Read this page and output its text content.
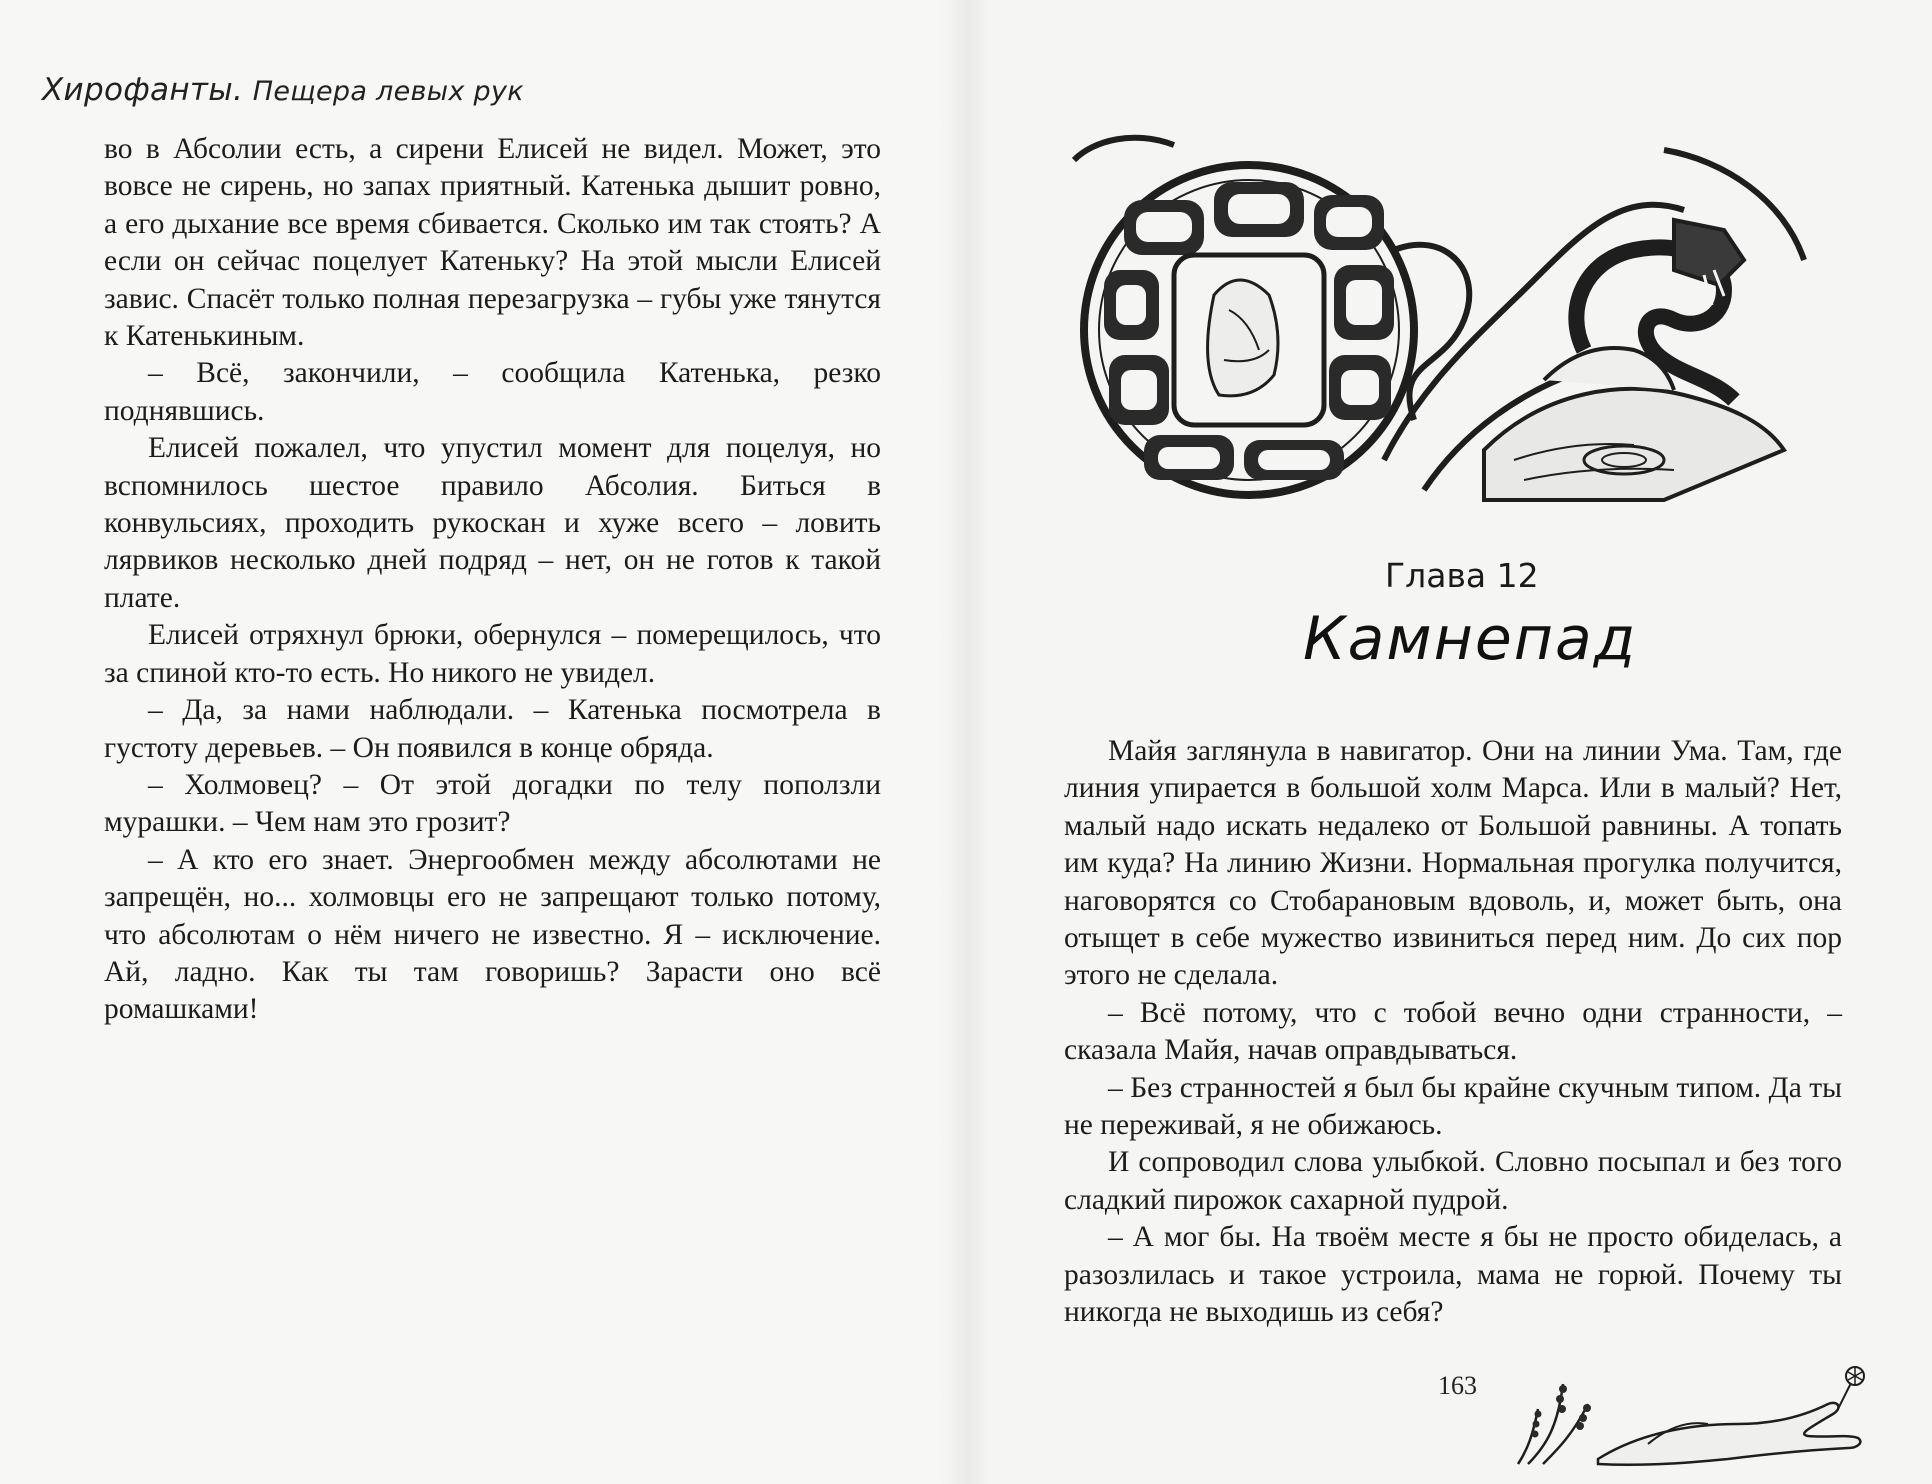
Хирофанты. Пещера левых рук

во в Абсолии есть, а сирени Елисей не видел. Может, это вовсе не сирень, но запах приятный. Катенька дышит ровно, а его дыхание все время сбивается. Сколько им так стоять? А если он сейчас поцелует Катеньку? На этой мысли Елисей завис. Спасёт только полная перезагрузка – губы уже тянутся к Катенькиным.

– Всё, закончили, – сообщила Катенька, резко поднявшись.

Елисей пожалел, что упустил момент для поцелуя, но вспомнилось шестое правило Абсолия. Биться в конвульсиях, проходить рукоскан и хуже всего – ловить лярвиков несколько дней подряд – нет, он не готов к такой плате.

Елисей отряхнул брюки, обернулся – померещилось, что за спиной кто-то есть. Но никого не увидел.

– Да, за нами наблюдали. – Катенька посмотрела в густоту деревьев. – Он появился в конце обряда.

– Холмовец? – От этой догадки по телу поползли мурашки. – Чем нам это грозит?

– А кто его знает. Энергообмен между абсолютами не запрещён, но... холмовцы его не запрещают только потому, что абсолютам о нём ничего не известно. Я – исключение. Ай, ладно. Как ты там говоришь? Зарасти оно всё ромашками!

Глава 12
Камнепад

Майя заглянула в навигатор. Они на линии Ума. Там, где линия упирается в большой холм Марса. Или в малый? Нет, малый надо искать недалеко от Большой равнины. А топать им куда? На линию Жизни. Нормальная прогулка получится, наговорятся со Стобарановым вдоволь, и, может быть, она отыщет в себе мужество извиниться перед ним. До сих пор этого не сделала.

– Всё потому, что с тобой вечно одни странности, – сказала Майя, начав оправдываться.

– Без странностей я был бы крайне скучным типом. Да ты не переживай, я не обижаюсь.

И сопроводил слова улыбкой. Словно посыпал и без того сладкий пирожок сахарной пудрой.

– А мог бы. На твоём месте я бы не просто обиделась, а разозлилась и такое устроила, мама не горюй. Почему ты никогда не выходишь из себя?

163
